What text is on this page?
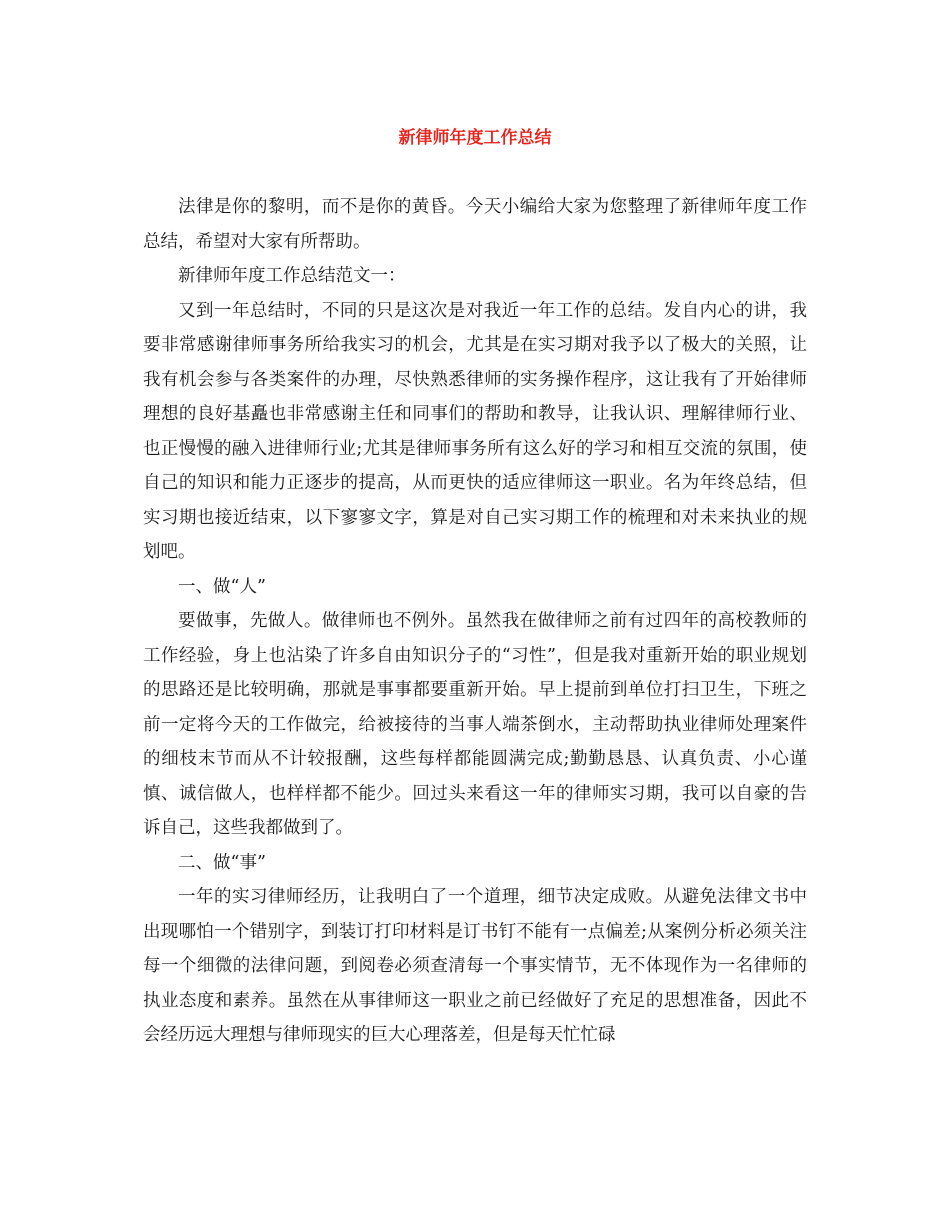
新律师年度工作总结

法律是你的黎明，而不是你的黄昏。今天小编给大家为您整理了新律师年度工作总结，希望对大家有所帮助。

新律师年度工作总结范文一：

又到一年总结时，不同的只是这次是对我近一年工作的总结。发自内心的讲，我要非常感谢律师事务所给我实习的机会，尤其是在实习期对我予以了极大的关照，让我有机会参与各类案件的办理，尽快熟悉律师的实务操作程序，这让我有了开始律师理想的良好基矗也非常感谢主任和同事们的帮助和教导，让我认识、理解律师行业、也正慢慢的融入进律师行业;尤其是律师事务所有这么好的学习和相互交流的氛围，使自己的知识和能力正逐步的提高，从而更快的适应律师这一职业。名为年终总结，但实习期也接近结束，以下寥寥文字，算是对自己实习期工作的梳理和对未来执业的规划吧。

一、做“人”

要做事，先做人。做律师也不例外。虽然我在做律师之前有过四年的高校教师的工作经验，身上也沾染了许多自由知识分子的“习性”，但是我对重新开始的职业规划的思路还是比较明确，那就是事事都要重新开始。早上提前到单位打扫卫生，下班之前一定将今天的工作做完，给被接待的当事人端茶倒水，主动帮助执业律师处理案件的细枝末节而从不计较报酬，这些每样都能圆满完成;勤勤恳恳、认真负责、小心谨慎、诚信做人，也样样都不能少。回过头来看这一年的律师实习期，我可以自豪的告诉自己，这些我都做到了。

二、做“事”

一年的实习律师经历，让我明白了一个道理，细节决定成败。从避免法律文书中出现哪怕一个错别字，到装订打印材料是订书钉不能有一点偏差;从案例分析必须关注每一个细微的法律问题，到阅卷必须查清每一个事实情节，无不体现作为一名律师的执业态度和素养。虽然在从事律师这一职业之前已经做好了充足的思想准备，因此不会经历远大理想与律师现实的巨大心理落差，但是每天忙忙碌
